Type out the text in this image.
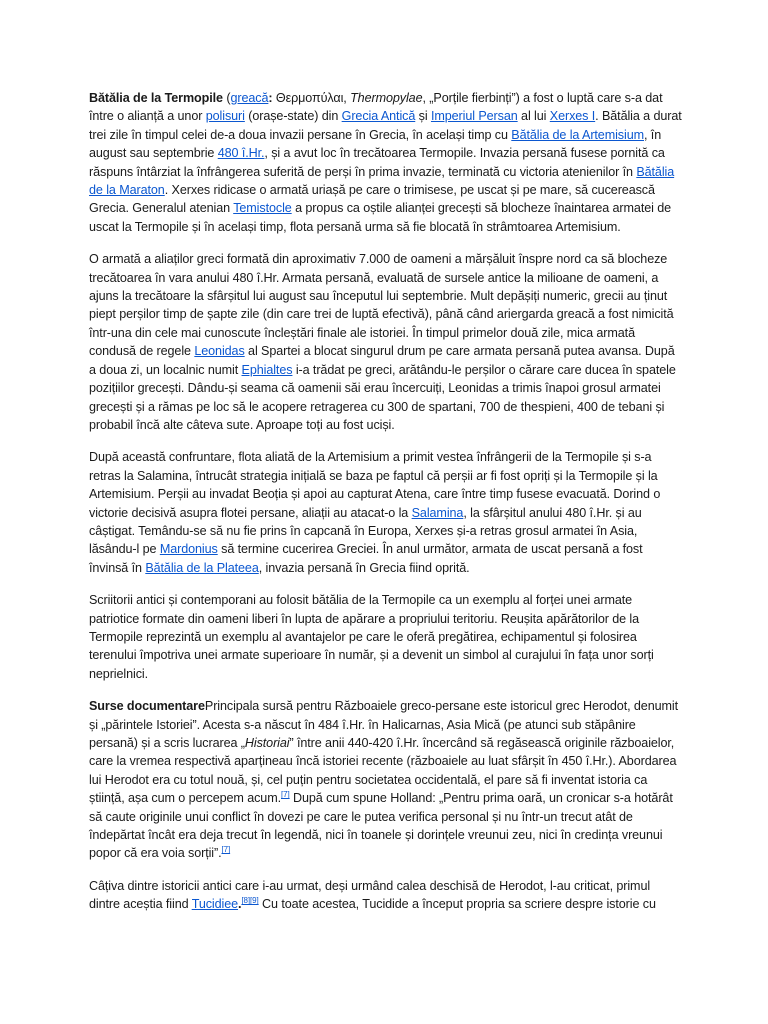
Bătălia de la Termopile (greacă: Θερμοπύλαι, Thermopylae, „Porțile fierbinți”) a fost o luptă care s-a dat între o alianță a unor polisuri (orașe-state) din Grecia Antică și Imperiul Persan al lui Xerxes I. Bătălia a durat trei zile în timpul celei de-a doua invazii persane în Grecia, în același timp cu Bătălia de la Artemisium, în august sau septembrie 480 î.Hr., și a avut loc în trecătoarea Termopile. Invazia persană fusese pornită ca răspuns întârziat la înfrângerea suferită de perși în prima invazie, terminată cu victoria atenienilor în Bătălia de la Maraton. Xerxes ridicase o armată uriașă pe care o trimisese, pe uscat și pe mare, să cucerească Grecia. Generalul atenian Temistocle a propus ca oștile alianței grecești să blocheze înaintarea armatei de uscat la Termopile și în același timp, flota persană urma să fie blocată în strâmtoarea Artemisium.

O armată a aliaților greci formată din aproximativ 7.000 de oameni a mărșăluit înspre nord ca să blocheze trecătoarea în vara anului 480 î.Hr. Armata persană, evaluată de sursele antice la milioane de oameni, a ajuns la trecătoare la sfârșitul lui august sau începutul lui septembrie. Mult depășiți numeric, grecii au ținut piept perșilor timp de șapte zile (din care trei de luptă efectivă), până când ariergarda greacă a fost nimicită într-una din cele mai cunoscute încleștări finale ale istoriei. În timpul primelor două zile, mica armată condusă de regele Leonidas al Spartei a blocat singurul drum pe care armata persană putea avansa. După a doua zi, un localnic numit Ephialtes i-a trădat pe greci, arătându-le perșilor o cărare care ducea în spatele pozițiilor grecești. Dându-și seama că oamenii săi erau încercuiți, Leonidas a trimis înapoi grosul armatei grecești și a rămas pe loc să le acopere retragerea cu 300 de spartani, 700 de thespieni, 400 de tebani și probabil încă alte câteva sute. Aproape toți au fost uciși.

După această confruntare, flota aliată de la Artemisium a primit vestea înfrângerii de la Termopile și s-a retras la Salamina, întrucât strategia inițială se baza pe faptul că perșii ar fi fost opriți și la Termopile și la Artemisium. Perșii au invadat Beoția și apoi au capturat Atena, care între timp fusese evacuată. Dorind o victorie decisivă asupra flotei persane, aliații au atacat-o la Salamina, la sfârșitul anului 480 î.Hr. și au câștigat. Temându-se să nu fie prins în capcană în Europa, Xerxes și-a retras grosul armatei în Asia, lăsându-l pe Mardonius să termine cucerirea Greciei. În anul următor, armata de uscat persană a fost învinsă în Bătălia de la Plateea, invazia persană în Grecia fiind oprită.

Scriitorii antici și contemporani au folosit bătălia de la Termopile ca un exemplu al forței unei armate patriotice formate din oameni liberi în lupta de apărare a propriului teritoriu. Reușita apărătorilor de la Termopile reprezintă un exemplu al avantajelor pe care le oferă pregătirea, echipamentul și folosirea terenului împotriva unei armate superioare în număr, și a devenit un simbol al curajului în fața unor sorți neprielnici.

Surse documentarePrincipala sursă pentru Războaiele greco-persane este istoricul grec Herodot, denumit și „părintele Istoriei”. Acesta s-a născut în 484 î.Hr. în Halicarnas, Asia Mică (pe atunci sub stăpânire persană) și a scris lucrarea „Historiai” între anii 440-420 î.Hr. încercând să regăsească originile războaielor, care la vremea respectivă aparțineau încă istoriei recente (războaiele au luat sfârșit în 450 î.Hr.). Abordarea lui Herodot era cu totul nouă, și, cel puțin pentru societatea occidentală, el pare să fi inventat istoria ca știință, așa cum o percepem acum.[7] După cum spune Holland: „Pentru prima oară, un cronicar s-a hotărât să caute originile unui conflict în dovezi pe care le putea verifica personal și nu într-un trecut atât de îndepărtat încât era deja trecut în legendă, nici în toanele și dorințele vreunui zeu, nici în credința vreunui popor că era voia sorții”.[7]

Câțiva dintre istoricii antici care i-au urmat, deși urmând calea deschisă de Herodot, l-au criticat, primul dintre aceștia fiind Tucidiee.[8][9] Cu toate acestea, Tucidide a început propria sa scriere despre istorie cu
